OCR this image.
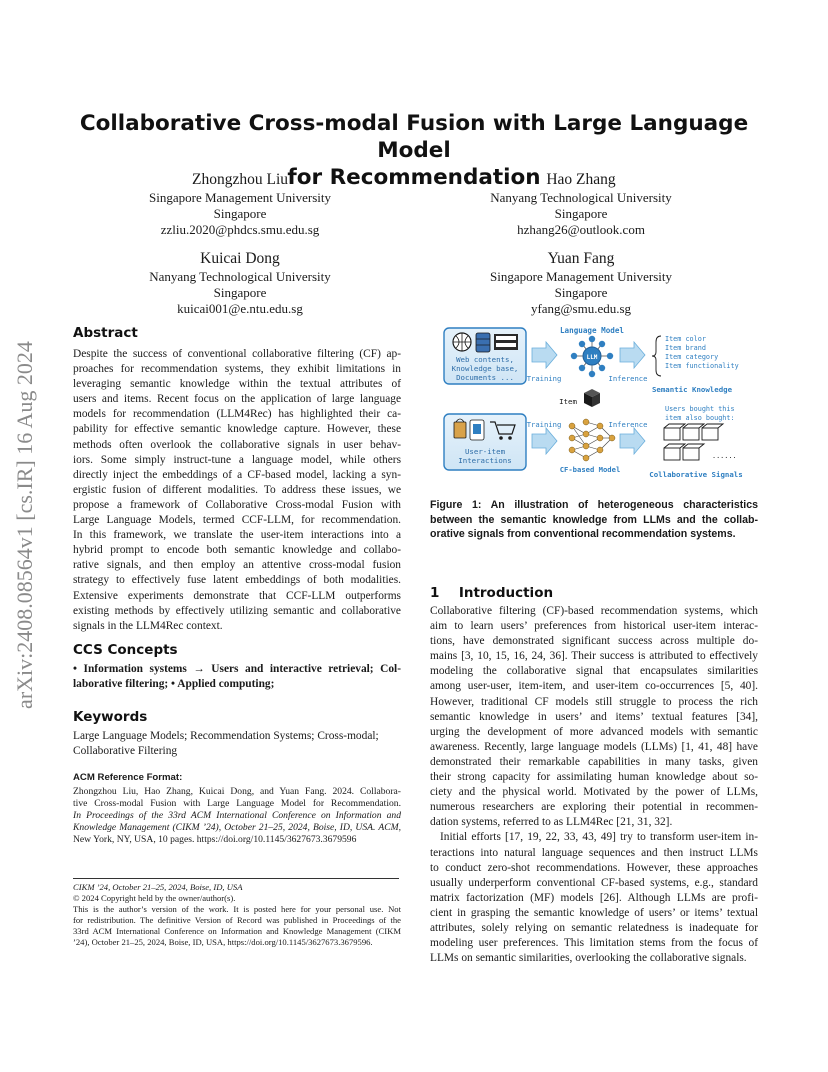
arXiv:2408.08564v1 [cs.IR] 16 Aug 2024
Collaborative Cross-modal Fusion with Large Language Model
for Recommendation
Zhongzhou Liu
Singapore Management University
Singapore
zzliu.2020@phdcs.smu.edu.sg
Hao Zhang
Nanyang Technological University
Singapore
hzhang26@outlook.com
Kuicai Dong
Nanyang Technological University
Singapore
kuicai001@e.ntu.edu.sg
Yuan Fang
Singapore Management University
Singapore
yfang@smu.edu.sg
Abstract
Despite the success of conventional collaborative filtering (CF) ap-
proaches for recommendation systems, they exhibit limitations in
leveraging semantic knowledge within the textual attributes of
users and items. Recent focus on the application of large language
models for recommendation (LLM4Rec) has highlighted their ca-
pability for effective semantic knowledge capture. However, these
methods often overlook the collaborative signals in user behav-
iors. Some simply instruct-tune a language model, while others
directly inject the embeddings of a CF-based model, lacking a syn-
ergistic fusion of different modalities. To address these issues, we
propose a framework of Collaborative Cross-modal Fusion with
Large Language Models, termed CCF-LLM, for recommendation.
In this framework, we translate the user-item interactions into a
hybrid prompt to encode both semantic knowledge and collabo-
rative signals, and then employ an attentive cross-modal fusion
strategy to effectively fuse latent embeddings of both modalities.
Extensive experiments demonstrate that CCF-LLM outperforms
existing methods by effectively utilizing semantic and collaborative
signals in the LLM4Rec context.
CCS Concepts
• Information systems → Users and interactive retrieval; Col-
laborative filtering; • Applied computing;
Keywords
Large Language Models; Recommendation Systems; Cross-modal;
Collaborative Filtering
ACM Reference Format:
Zhongzhou Liu, Hao Zhang, Kuicai Dong, and Yuan Fang. 2024. Collabora-
tive Cross-modal Fusion with Large Language Model for Recommendation.
In Proceedings of the 33rd ACM International Conference on Information and
Knowledge Management (CIKM ’24), October 21–25, 2024, Boise, ID, USA. ACM,
New York, NY, USA, 10 pages. https://doi.org/10.1145/3627673.3679596
CIKM ’24, October 21–25, 2024, Boise, ID, USA
© 2024 Copyright held by the owner/author(s).
This is the author’s version of the work. It is posted here for your personal use. Not
for redistribution. The definitive Version of Record was published in Proceedings of the
33rd ACM International Conference on Information and Knowledge Management (CIKM
’24), October 21–25, 2024, Boise, ID, USA, https://doi.org/10.1145/3627673.3679596.
Web contents,
Knowledge base,
Documents ... Training
Language Model
LLM
Inference
Item color
Item brand
Item category
Item functionality
Semantic Knowledge
Item
User-item
Interactions
Training
CF-based Model
Inference
Users bought this
item also bought:
......
Collaborative Signals
Figure 1: An illustration of heterogeneous characteristics
between the semantic knowledge from LLMs and the collab-
orative signals from conventional recommendation systems.
1 Introduction
Collaborative filtering (CF)-based recommendation systems, which
aim to learn users’ preferences from historical user-item interac-
tions, have demonstrated significant success across multiple do-
mains [3, 10, 15, 16, 24, 36]. Their success is attributed to effectively
modeling the collaborative signal that encapsulates similarities
among user-user, item-item, and user-item co-occurrences [5, 40].
However, traditional CF models still struggle to process the rich
semantic knowledge in users’ and items’ textual features [34],
urging the development of more advanced models with semantic
awareness. Recently, large language models (LLMs) [1, 41, 48] have
demonstrated their remarkable capabilities in many tasks, given
their strong capacity for assimilating human knowledge about so-
ciety and the physical world. Motivated by the power of LLMs,
numerous researchers are exploring their potential in recommen-
dation systems, referred to as LLM4Rec [21, 31, 32].
Initial efforts [17, 19, 22, 33, 43, 49] try to transform user-item in-
teractions into natural language sequences and then instruct LLMs
to conduct zero-shot recommendations. However, these approaches
usually underperform conventional CF-based systems, e.g., standard
matrix factorization (MF) models [26]. Although LLMs are profi-
cient in grasping the semantic knowledge of users’ or items’ textual
attributes, solely relying on semantic relatedness is inadequate for
modeling user preferences. This limitation stems from the focus of
LLMs on semantic similarities, overlooking the collaborative signals.
